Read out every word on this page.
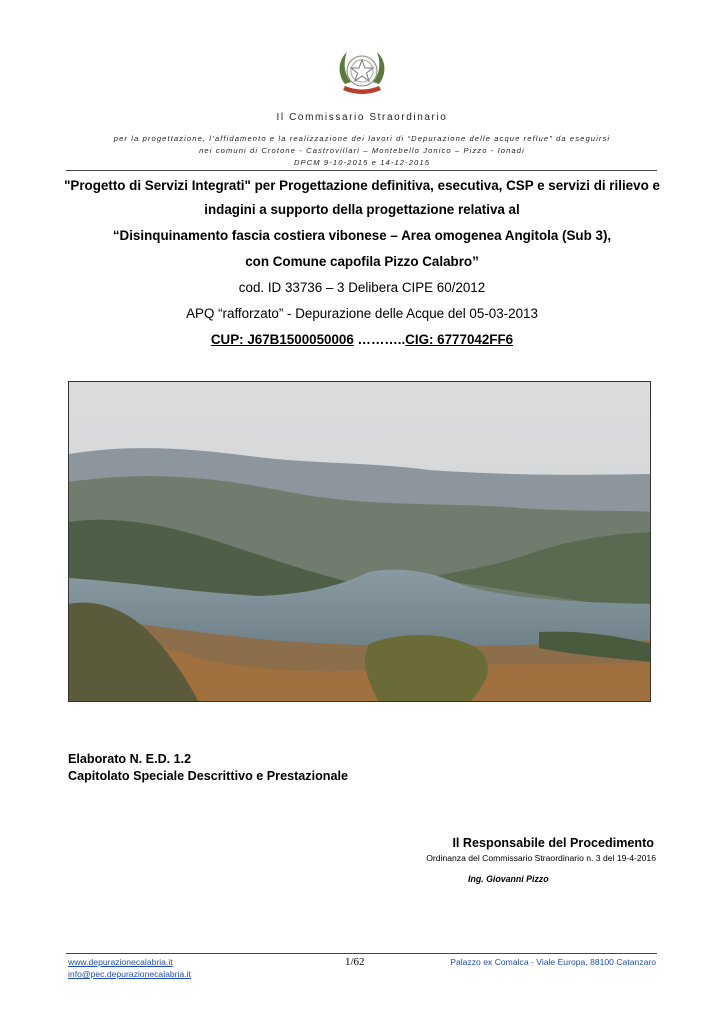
Il Commissario Straordinario
per la progettazione, l’affidamento e la realizzazione dei lavori di “Depurazione delle acque reflue” da eseguirsi
nei comuni di Crotone - Castrovillari – Montebello Jonico – Pizzo - Ionadi
DPCM 9-10-2015 e 14-12-2015
"Progetto di Servizi Integrati" per Progettazione definitiva, esecutiva, CSP e servizi di rilievo e
indagini a supporto della progettazione relativa al
“Disinquinamento fascia costiera vibonese – Area omogenea Angitola (Sub 3),
con Comune capofila Pizzo Calabro”
cod. ID 33736 – 3 Delibera CIPE 60/2012
APQ “rafforzato” - Depurazione delle Acque del 05-03-2013
CUP: J67B1500050006 ………..CIG: 6777042FF6
Elaborato N. E.D. 1.2
Capitolato Speciale Descrittivo e Prestazionale
Il Responsabile del Procedimento
Ordinanza del Commissario Straordinario n. 3 del 19-4-2016
Ing. Giovanni Pizzo
www.depurazionecalabria.it
info@pec.depurazionecalabria.it
1/62	Palazzo ex Comalca - Viale Europa, 88100 Catanzaro
